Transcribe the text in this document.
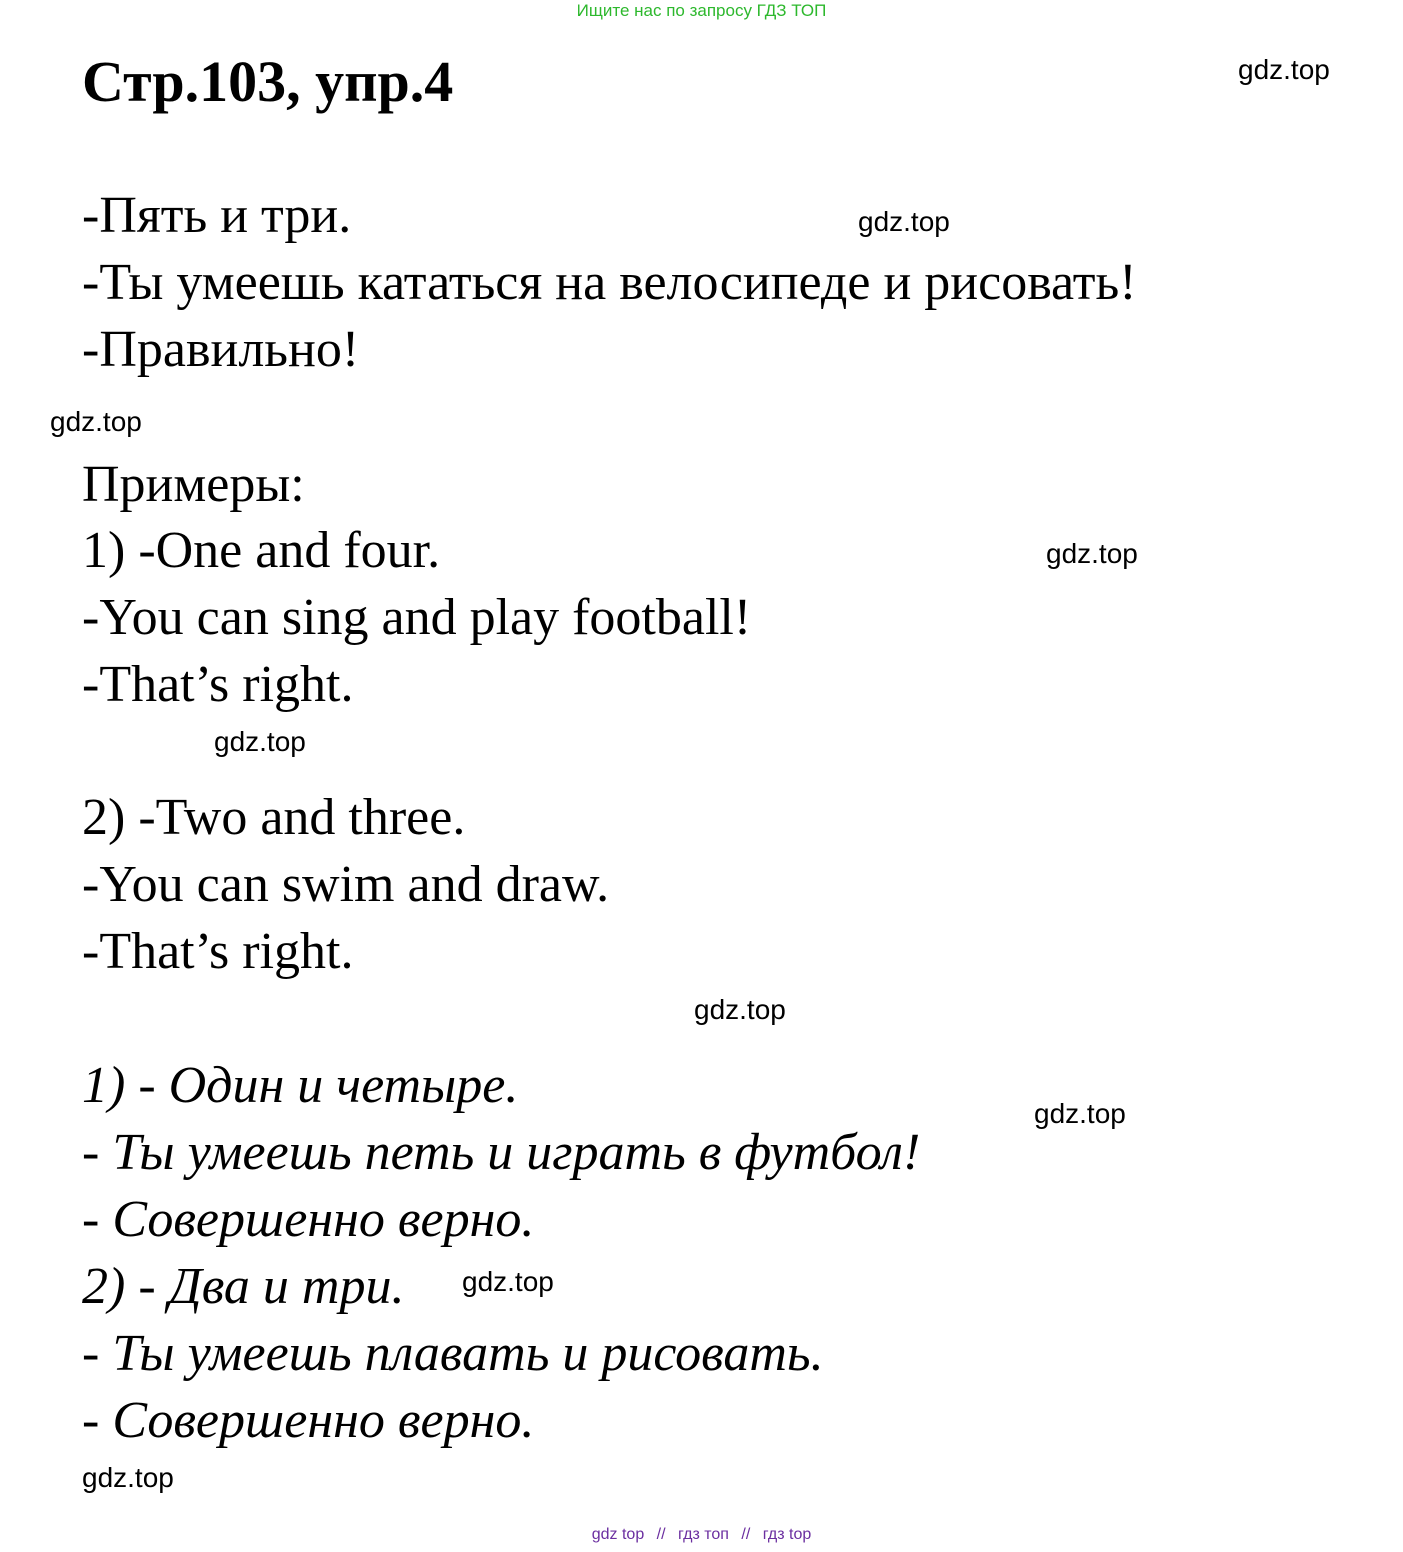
Ищите нас по запросу ГДЗ ТОП
Стр.103, упр.4	gdz.top
-Пять и три.	gdz.top
-Ты умеешь кататься на велосипеде и рисовать!
-Правильно!
gdz.top
Примеры:
1) -One and four.	gdz.top
-You can sing and play football!
-That’s right.
gdz.top
2) -Two and three.
-You can swim and draw.
-That’s right.
gdz.top
1) - Один и четыре.	gdz.top
- Ты умеешь петь и играть в футбол!
- Совершенно верно.
2) - Два и три. gdz.top
- Ты умеешь плавать и рисовать.
- Совершенно верно.
gdz.top
gdz top // гдз топ // гдз top
